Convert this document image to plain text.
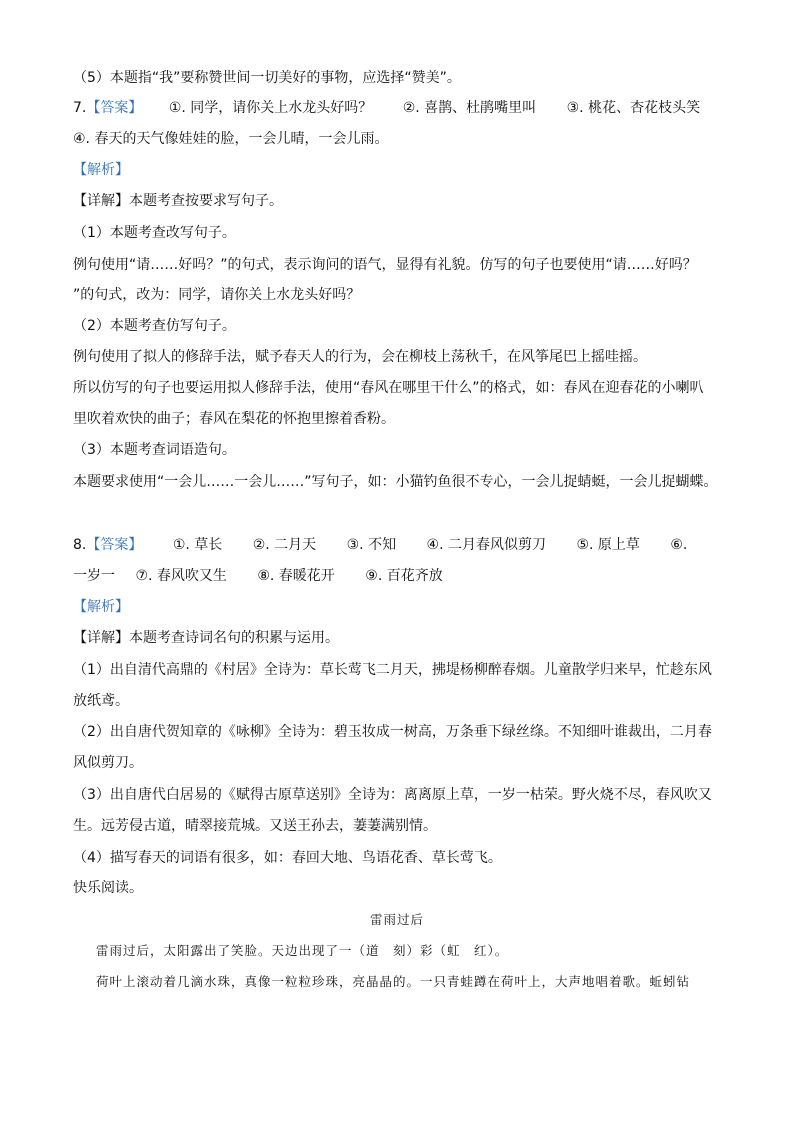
（5）本题指“我”要称赞世间一切美好的事物，应选择“赞美”。
7.【答案】 ①. 同学，请你关上水龙头好吗？ ②. 喜鹊、杜鹃嘴里叫 ③. 桃花、杏花枝头笑
④. 春天的天气像娃娃的脸，一会儿晴，一会儿雨。
【解析】
【详解】本题考查按要求写句子。
（1）本题考查改写句子。
例句使用“请……好吗？”的句式，表示询问的语气，显得有礼貌。仿写的句子也要使用“请……好吗？
”的句式，改为：同学，请你关上水龙头好吗？
（2）本题考查仿写句子。
例句使用了拟人的修辞手法，赋予春天人的行为，会在柳枝上荡秋千，在风筝尾巴上摇哇摇。
所以仿写的句子也要运用拟人修辞手法，使用“春风在哪里干什么”的格式，如：春风在迎春花的小喇叭
里吹着欢快的曲子；春风在梨花的怀抱里擦着香粉。
（3）本题考查词语造句。
本题要求使用“一会儿……一会儿……”写句子，如：小猫钓鱼很不专心，一会儿捉蜻蜓，一会儿捉蝴蝶。
8.【答案】 ①. 草长 ②. 二月天 ③. 不知 ④. 二月春风似剪刀 ⑤. 原上草 ⑥.
一岁一 ⑦. 春风吹又生 ⑧. 春暖花开 ⑨. 百花齐放
【解析】
【详解】本题考查诗词名句的积累与运用。
（1）出自清代高鼎的《村居》全诗为：草长莺飞二月天，拂堤杨柳醉春烟。儿童散学归来早，忙趁东风
放纸鸢。
（2）出自唐代贺知章的《咏柳》全诗为：碧玉妆成一树高，万条垂下绿丝绦。不知细叶谁裁出，二月春
风似剪刀。
（3）出自唐代白居易的《赋得古原草送别》全诗为：离离原上草，一岁一枯荣。野火烧不尽，春风吹又
生。远芳侵古道，晴翠接荒城。又送王孙去，萋萋满别情。
（4）描写春天的词语有很多，如：春回大地、鸟语花香、草长莺飞。
快乐阅读。
雷雨过后
雷雨过后，太阳露出了笑脸。天边出现了一（道　刻）彩（虹　红）。
荷叶上滚动着几滴水珠，真像一粒粒珍珠，亮晶晶的。一只青蛙蹲在荷叶上，大声地唱着歌。蚯蚓钻
